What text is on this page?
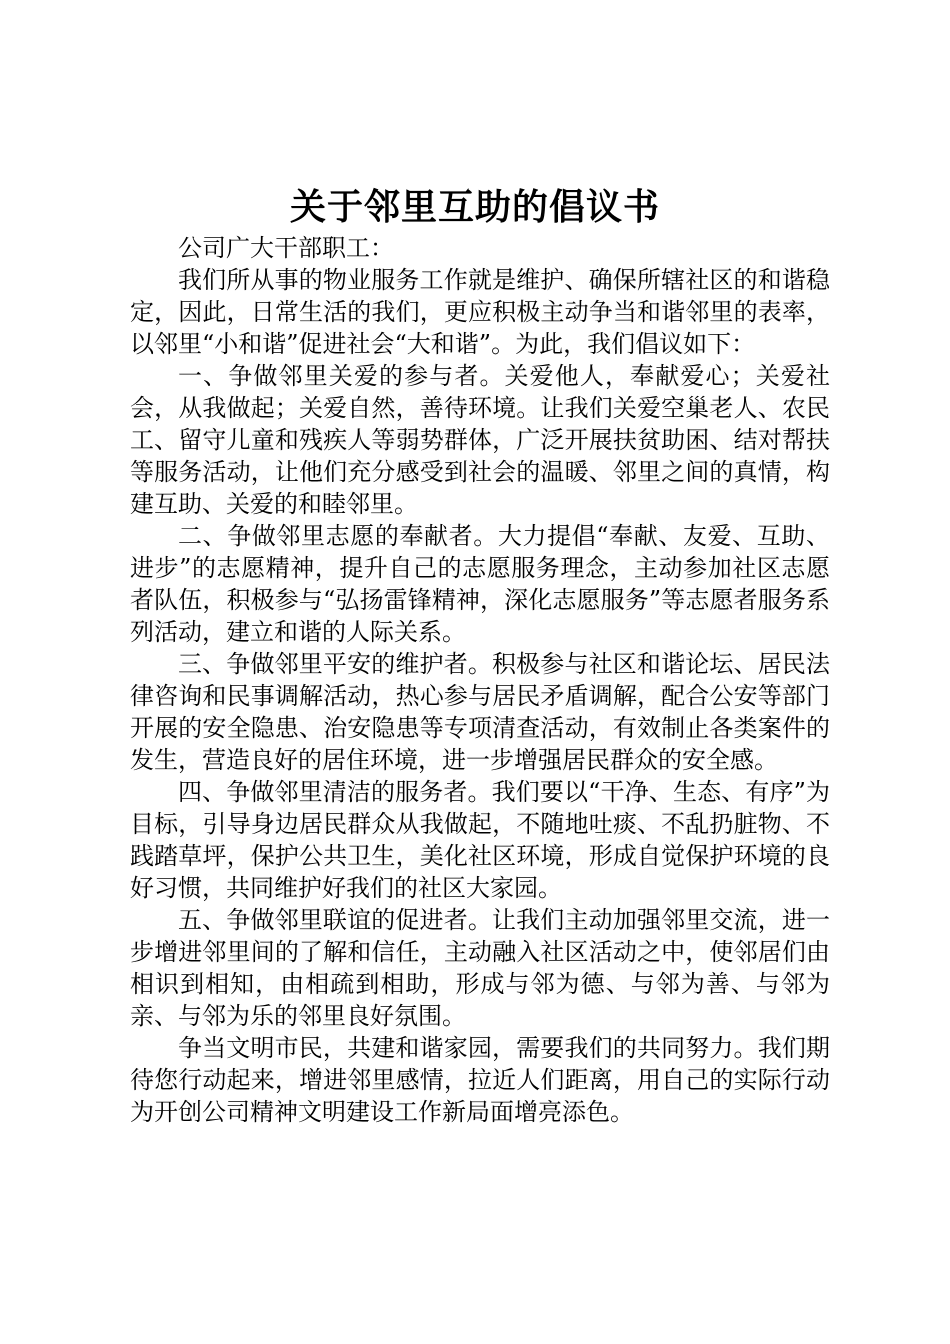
关于邻里互助的倡议书

公司广大干部职工：

我们所从事的物业服务工作就是维护、确保所辖社区的和谐稳定，因此，日常生活的我们，更应积极主动争当和谐邻里的表率，以邻里“小和谐”促进社会“大和谐”。为此，我们倡议如下：

一、争做邻里关爱的参与者。关爱他人，奉献爱心；关爱社会，从我做起；关爱自然，善待环境。让我们关爱空巢老人、农民工、留守儿童和残疾人等弱势群体，广泛开展扶贫助困、结对帮扶等服务活动，让他们充分感受到社会的温暖、邻里之间的真情，构建互助、关爱的和睦邻里。

二、争做邻里志愿的奉献者。大力提倡“奉献、友爱、互助、进步”的志愿精神，提升自己的志愿服务理念，主动参加社区志愿者队伍，积极参与“弘扬雷锋精神，深化志愿服务”等志愿者服务系列活动，建立和谐的人际关系。

三、争做邻里平安的维护者。积极参与社区和谐论坛、居民法律咨询和民事调解活动，热心参与居民矛盾调解，配合公安等部门开展的安全隐患、治安隐患等专项清查活动，有效制止各类案件的发生，营造良好的居住环境，进一步增强居民群众的安全感。

四、争做邻里清洁的服务者。我们要以“干净、生态、有序”为目标，引导身边居民群众从我做起，不随地吐痰、不乱扔脏物、不践踏草坪，保护公共卫生，美化社区环境，形成自觉保护环境的良好习惯，共同维护好我们的社区大家园。

五、争做邻里联谊的促进者。让我们主动加强邻里交流，进一步增进邻里间的了解和信任，主动融入社区活动之中，使邻居们由相识到相知，由相疏到相助，形成与邻为德、与邻为善、与邻为亲、与邻为乐的邻里良好氛围。

争当文明市民，共建和谐家园，需要我们的共同努力。我们期待您行动起来，增进邻里感情，拉近人们距离，用自己的实际行动为开创公司精神文明建设工作新局面增亮添色。
